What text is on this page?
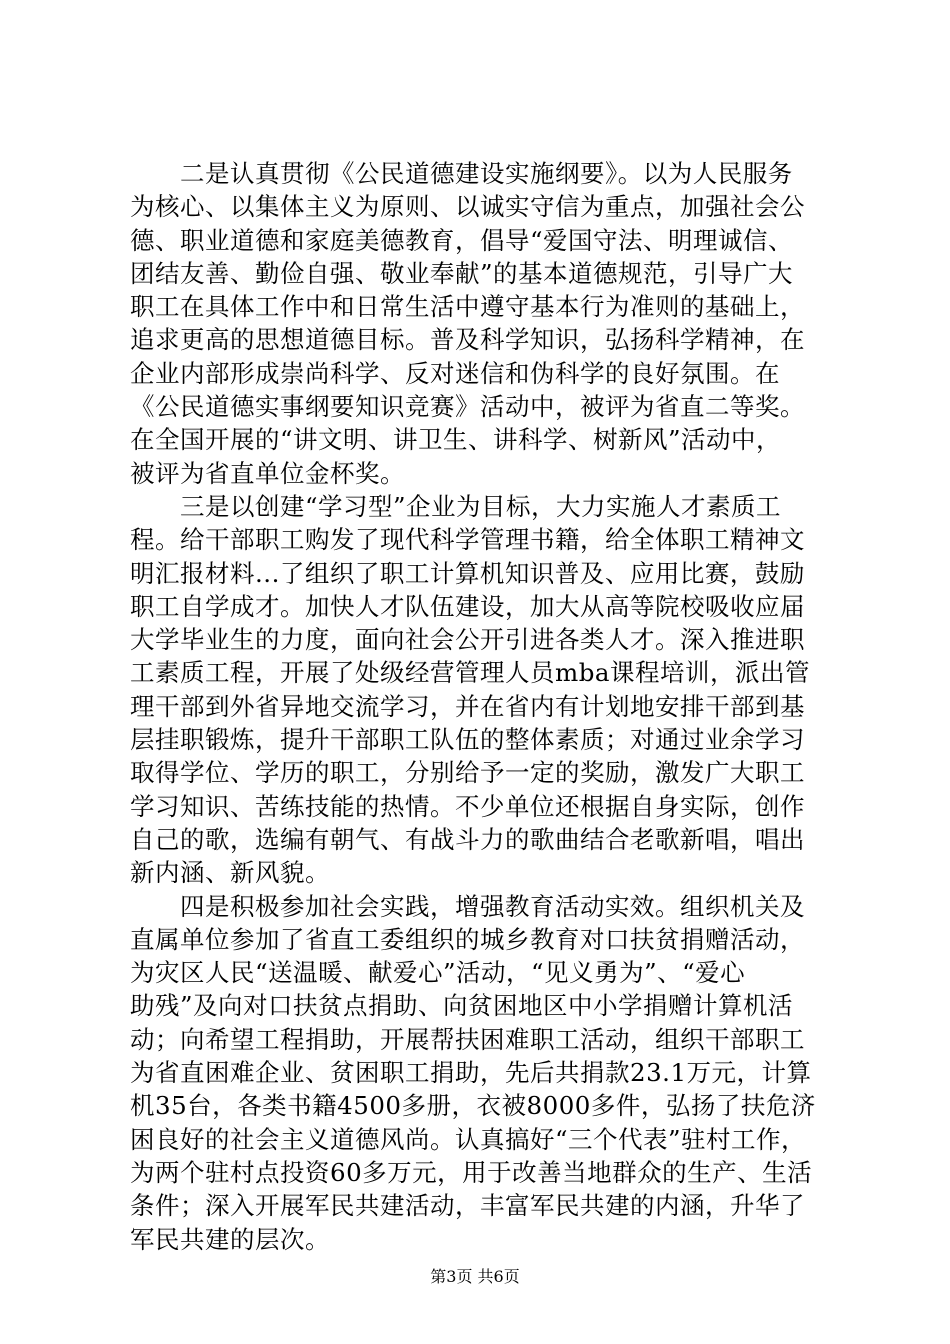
　　二是认真贯彻《公民道德建设实施纲要》。以为人民服务
为核心、以集体主义为原则、以诚实守信为重点，加强社会公
德、职业道德和家庭美德教育，倡导“爱国守法、明理诚信、
团结友善、勤俭自强、敬业奉献”的基本道德规范，引导广大
职工在具体工作中和日常生活中遵守基本行为准则的基础上，
追求更高的思想道德目标。普及科学知识，弘扬科学精神，在
企业内部形成崇尚科学、反对迷信和伪科学的良好氛围。在
《公民道德实事纲要知识竞赛》活动中，被评为省直二等奖。
在全国开展的“讲文明、讲卫生、讲科学、树新风”活动中，
被评为省直单位金杯奖。
　　三是以创建“学习型”企业为目标，大力实施人才素质工
程。给干部职工购发了现代科学管理书籍，给全体职工精神文
明汇报材料...了组织了职工计算机知识普及、应用比赛，鼓励
职工自学成才。加快人才队伍建设，加大从高等院校吸收应届
大学毕业生的力度，面向社会公开引进各类人才。深入推进职
工素质工程，开展了处级经营管理人员mba课程培训，派出管
理干部到外省异地交流学习，并在省内有计划地安排干部到基
层挂职锻炼，提升干部职工队伍的整体素质；对通过业余学习
取得学位、学历的职工，分别给予一定的奖励，激发广大职工
学习知识、苦练技能的热情。不少单位还根据自身实际，创作
自己的歌，选编有朝气、有战斗力的歌曲结合老歌新唱，唱出
新内涵、新风貌。
　　四是积极参加社会实践，增强教育活动实效。组织机关及
直属单位参加了省直工委组织的城乡教育对口扶贫捐赠活动，
为灾区人民“送温暖、献爱心”活动，“见义勇为”、“爱心
助残”及向对口扶贫点捐助、向贫困地区中小学捐赠计算机活
动；向希望工程捐助，开展帮扶困难职工活动，组织干部职工
为省直困难企业、贫困职工捐助，先后共捐款23.1万元，计算
机35台，各类书籍4500多册，衣被8000多件，弘扬了扶危济
困良好的社会主义道德风尚。认真搞好“三个代表”驻村工作，
为两个驻村点投资60多万元，用于改善当地群众的生产、生活
条件；深入开展军民共建活动，丰富军民共建的内涵，升华了
军民共建的层次。
第3页 共6页
